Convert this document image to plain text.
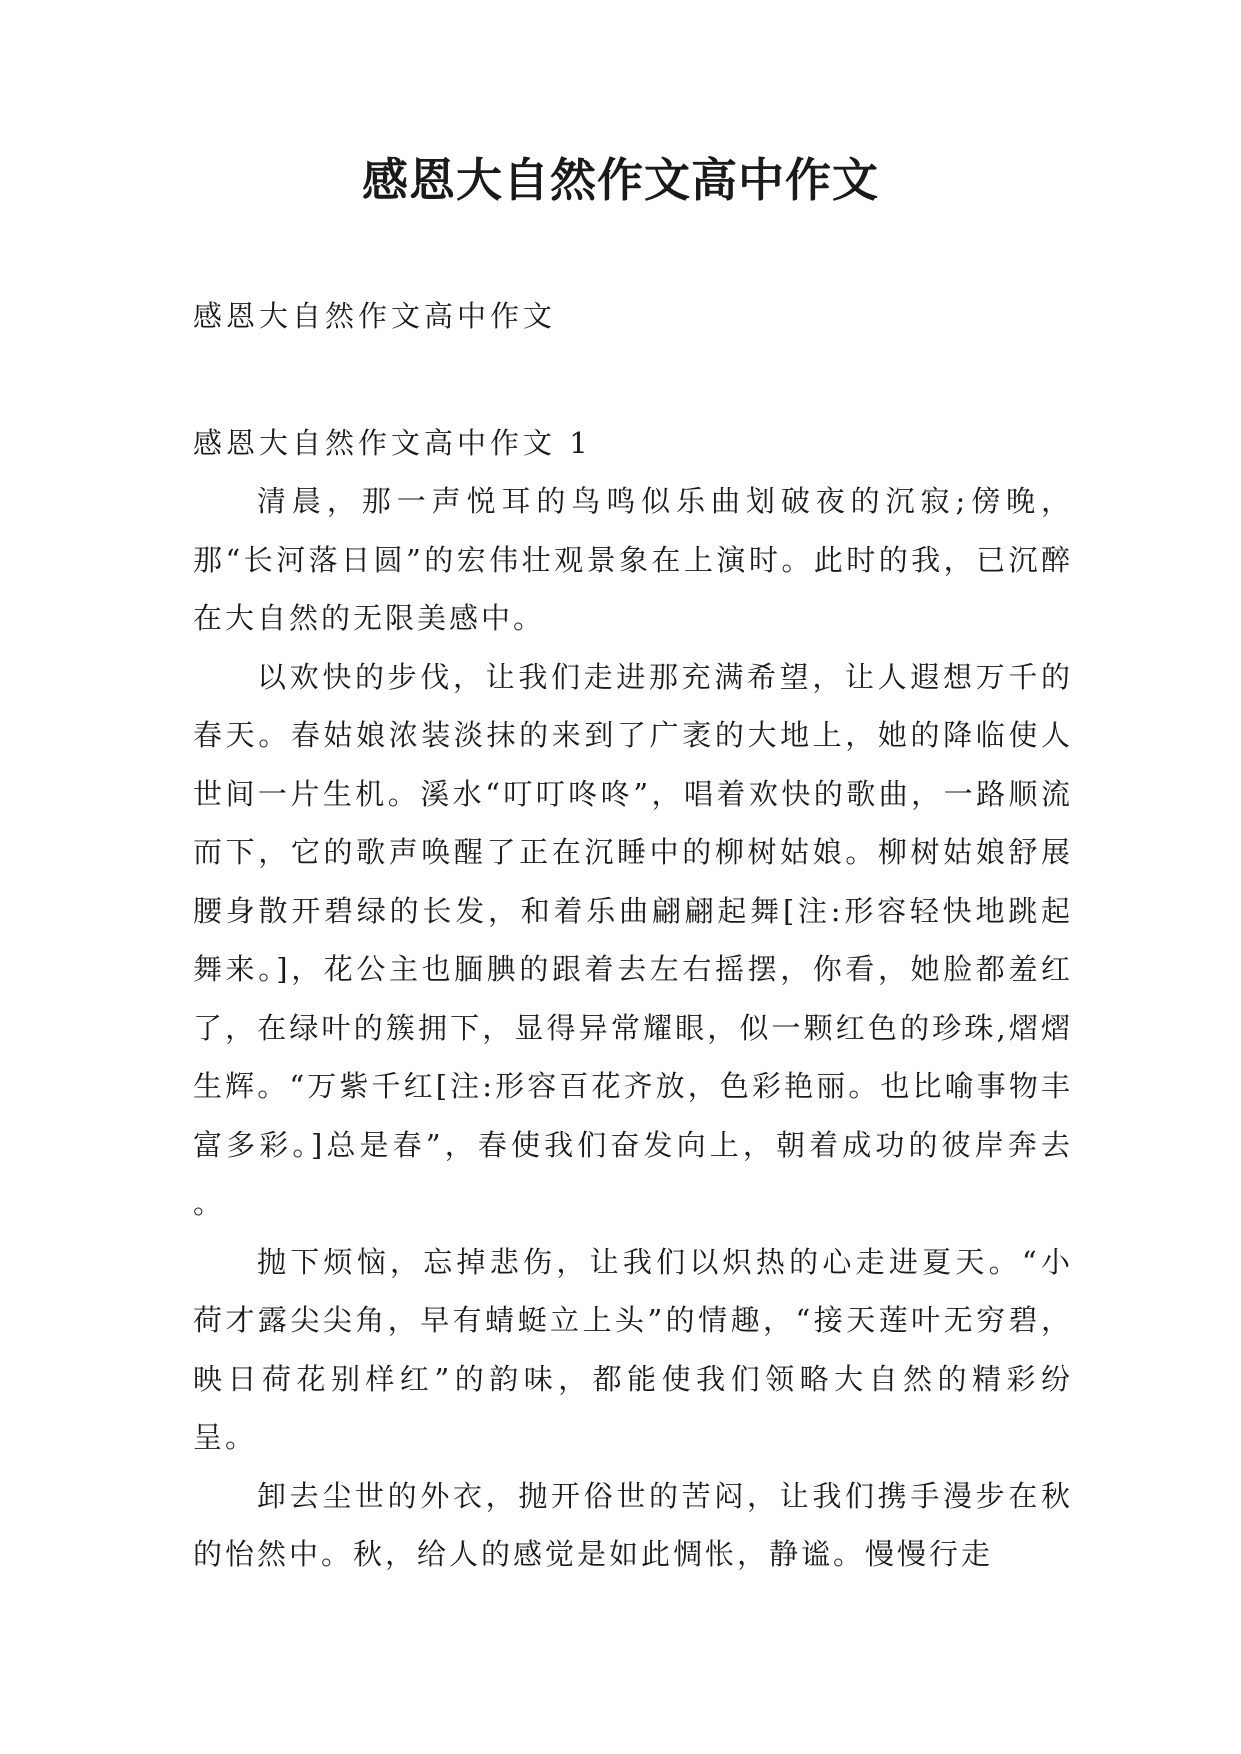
感恩大自然作文高中作文

感恩大自然作文高中作文

感恩大自然作文高中作文 1

清晨，那一声悦耳的鸟鸣似乐曲划破夜的沉寂;傍晚，那“长河落日圆”的宏伟壮观景象在上演时。此时的我，已沉醉在大自然的无限美感中。

以欢快的步伐，让我们走进那充满希望，让人遐想万千的春天。春姑娘浓装淡抹的来到了广袤的大地上，她的降临使人世间一片生机。溪水“叮叮咚咚”，唱着欢快的歌曲，一路顺流而下，它的歌声唤醒了正在沉睡中的柳树姑娘。柳树姑娘舒展腰身散开碧绿的长发，和着乐曲翩翩起舞[注:形容轻快地跳起舞来。]，花公主也腼腆的跟着去左右摇摆，你看，她脸都羞红了，在绿叶的簇拥下，显得异常耀眼，似一颗红色的珍珠,熠熠生辉。“万紫千红[注:形容百花齐放，色彩艳丽。也比喻事物丰富多彩。]总是春”，春使我们奋发向上，朝着成功的彼岸奔去 。

抛下烦恼，忘掉悲伤，让我们以炽热的心走进夏天。“小荷才露尖尖角，早有蜻蜓立上头”的情趣，“接天莲叶无穷碧，映日荷花别样红”的韵味，都能使我们领略大自然的精彩纷呈。

卸去尘世的外衣，抛开俗世的苦闷，让我们携手漫步在秋的怡然中。秋，给人的感觉是如此惆怅，静谧。慢慢行走
